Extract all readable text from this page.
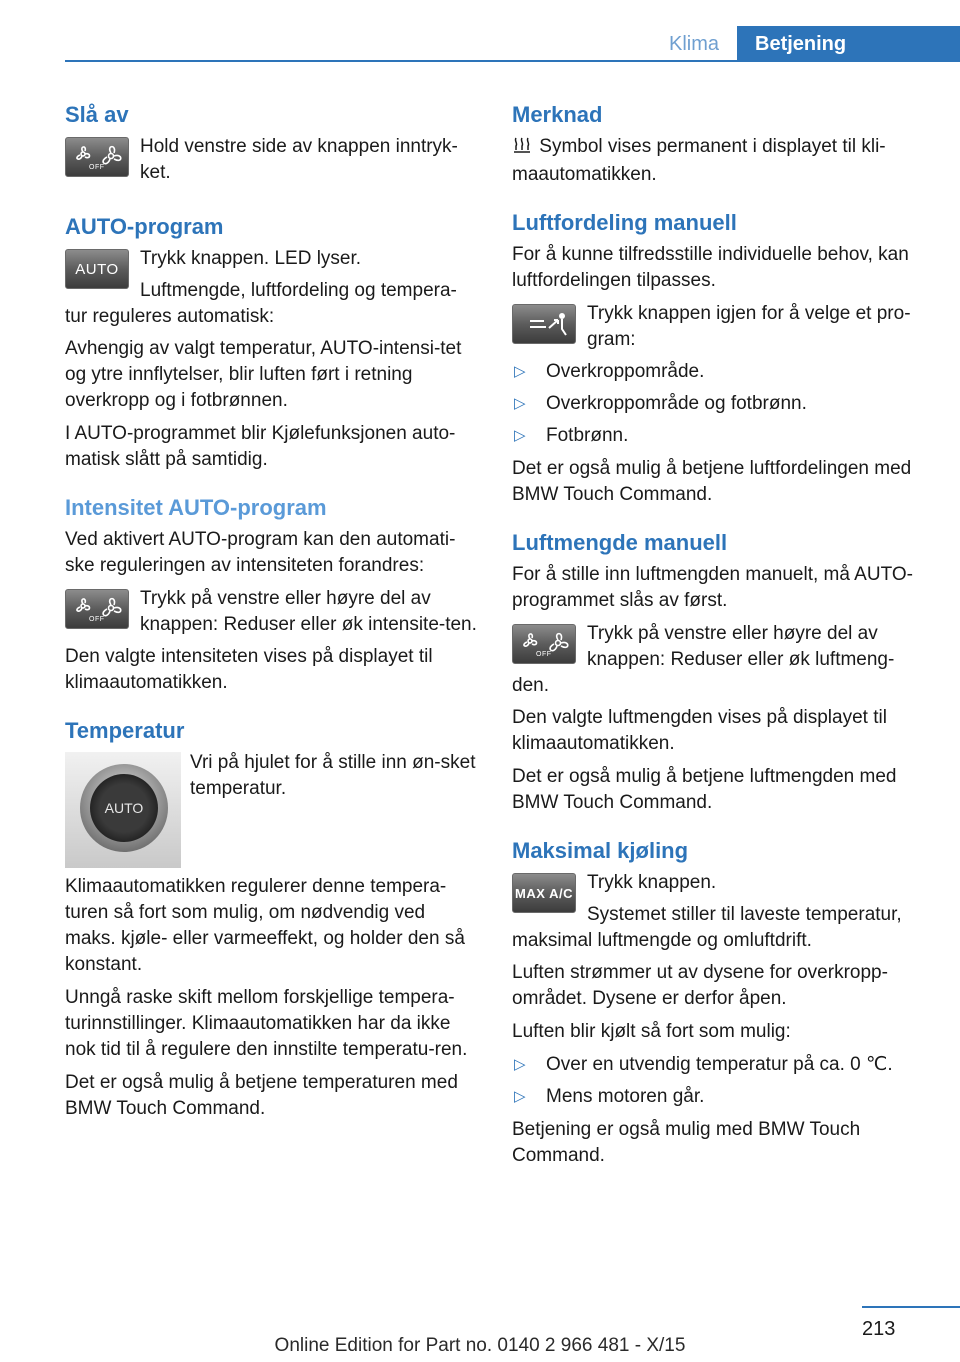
Klima	Betjening
Slå av
OFF

Hold venstre side av knappen inntryk-ket.

AUTO-program
AUTO	Trykk knappen. LED lyser.

Luftmengde, luftfordeling og tempera-tur reguleres automatisk:

Avhengig av valgt temperatur, AUTO-intensi-tet og ytre innflytelser, blir luften ført i retning overkropp og i fotbrønnen.

I AUTO-programmet blir Kjølefunksjonen auto-matisk slått på samtidig.

Intensitet AUTO-program

Ved aktivert AUTO-program kan den automati-ske reguleringen av intensiteten forandres:

OFF

Trykk på venstre eller høyre del av knappen: Reduser eller øk intensite-ten.

Den valgte intensiteten vises på displayet til klimaautomatikken.

Temperatur
AUTO

Vri på hjulet for å stille inn øn-sket temperatur.

Klimaautomatikken regulerer denne tempera-turen så fort som mulig, om nødvendig ved maks. kjøle- eller varmeeffekt, og holder den så konstant.

Unngå raske skift mellom forskjellige tempera-turinnstillinger. Klimaautomatikken har da ikke nok tid til å regulere den innstilte temperatu-ren.

Det er også mulig å betjene temperaturen med BMW Touch Command.

Merknad

Symbol vises permanent i displayet til kli-maautomatikken.

Luftfordeling manuell

For å kunne tilfredsstille individuelle behov, kan luftfordelingen tilpasses.

Trykk knappen igjen for å velge et pro-gram:

▷ Overkroppområde.
▷ Overkroppområde og fotbrønn.
▷ Fotbrønn.

Det er også mulig å betjene luftfordelingen med BMW Touch Command.

Luftmengde manuell

For å stille inn luftmengden manuelt, må AUTO-programmet slås av først.

OFF

Trykk på venstre eller høyre del av knappen: Reduser eller øk luftmeng-den.

Den valgte luftmengden vises på displayet til klimaautomatikken.

Det er også mulig å betjene luftmengden med BMW Touch Command.

Maksimal kjøling
MAX A/C Trykk knappen.

Systemet stiller til laveste temperatur, maksimal luftmengde og omluftdrift.

Luften strømmer ut av dysene for overkropp-området. Dysene er derfor åpen.

Luften blir kjølt så fort som mulig:

▷ Over en utvendig temperatur på ca. 0 ℃.
▷ Mens motoren går.

Betjening er også mulig med BMW Touch Command.

213
Online Edition for Part no. 0140 2 966 481 - X/15
